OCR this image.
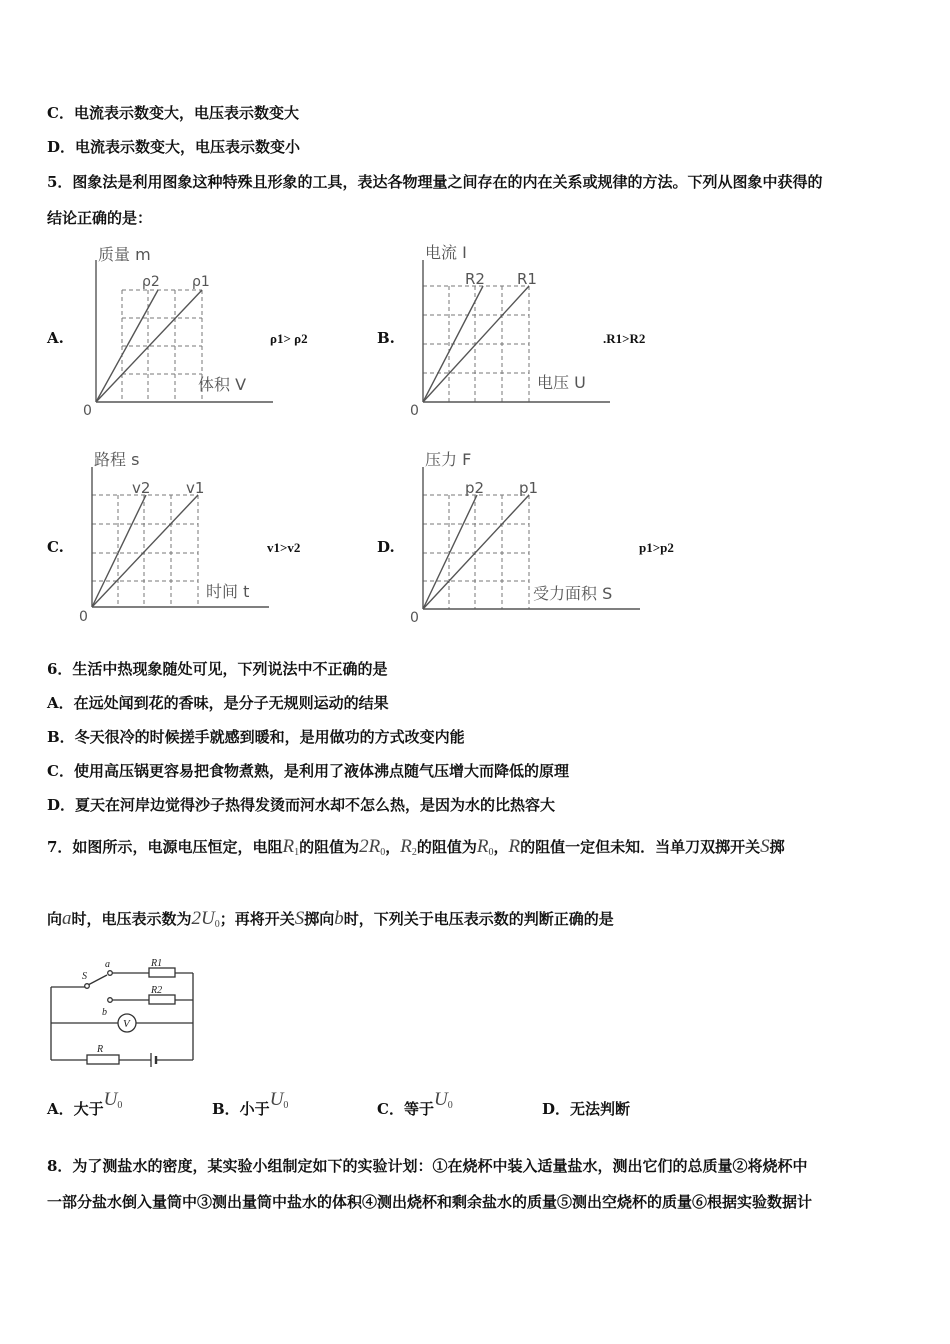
C．电流表示数变大，电压表示数变大
D．电流表示数变大，电压表示数变小
5．图象法是利用图象这种特殊且形象的工具，表达各物理量之间存在的内在关系或规律的方法。下列从图象中获得的
结论正确的是：
A.
质量 m
体积 V
ρ2 ρ1
0
ρ1> ρ2	B.
电流 I
电压 U
R2 R1
0
.R1>R2
C.
路程 s
时间 t
v2 v1
0
v1>v2	D.
压力 F
受力面积 S
p2 p1
0
p1>p2
6．生活中热现象随处可见，下列说法中不正确的是
A．在远处闻到花的香味，是分子无规则运动的结果
B．冬天很冷的时候搓手就感到暖和，是用做功的方式改变内能
C．使用高压锅更容易把食物煮熟，是利用了液体沸点随气压增大而降低的原理
D．夏天在河岸边觉得沙子热得发烫而河水却不怎么热，是因为水的比热容大
7．如图所示，电源电压恒定，电阻$R_1$的阻值为$2R_0$，$R_2$的阻值为$R_0$，R的阻值一定但未知．当单刀双掷开关S掷
向a时，电压表示数为$2U_0$；再将开关S掷向b时，下列关于电压表示数的判断正确的是
S
a
b
R1
R2
V
R
A．大于$U_0$	B．小于$U_0$	C．等于$U_0$	D．无法判断
8．为了测盐水的密度，某实验小组制定如下的实验计划：①在烧杯中装入适量盐水，测出它们的总质量②将烧杯中
一部分盐水倒入量筒中③测出量筒中盐水的体积④测出烧杯和剩余盐水的质量⑤测出空烧杯的质量⑥根据实验数据计
